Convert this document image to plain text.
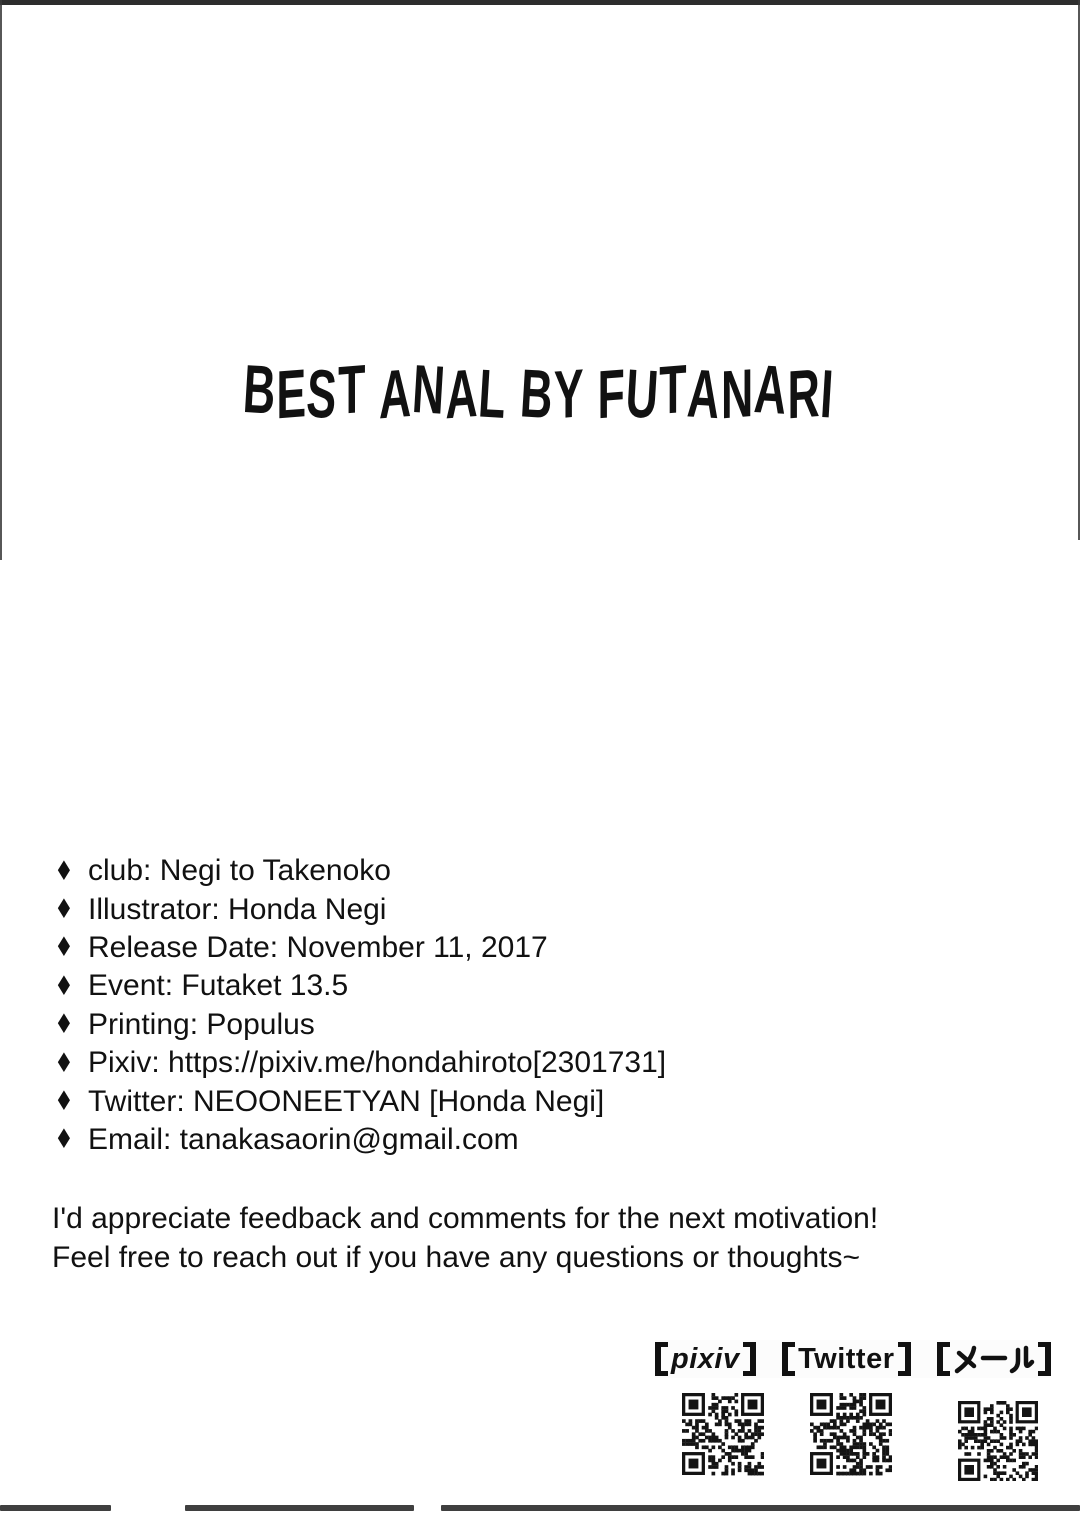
BEST ANAL BY FUTANARI
♦ club: Negi to Takenoko
♦ Illustrator: Honda Negi
♦ Release Date: November 11, 2017
♦ Event: Futaket 13.5
♦ Printing: Populus
♦ Pixiv: https://pixiv.me/hondahiroto[2301731]
♦ Twitter: NEOONEETYAN [Honda Negi]
♦ Email: tanakasaorin@gmail.com
I'd appreciate feedback and comments for the next motivation!
Feel free to reach out if you have any questions or thoughts~
pixiv Twitter
